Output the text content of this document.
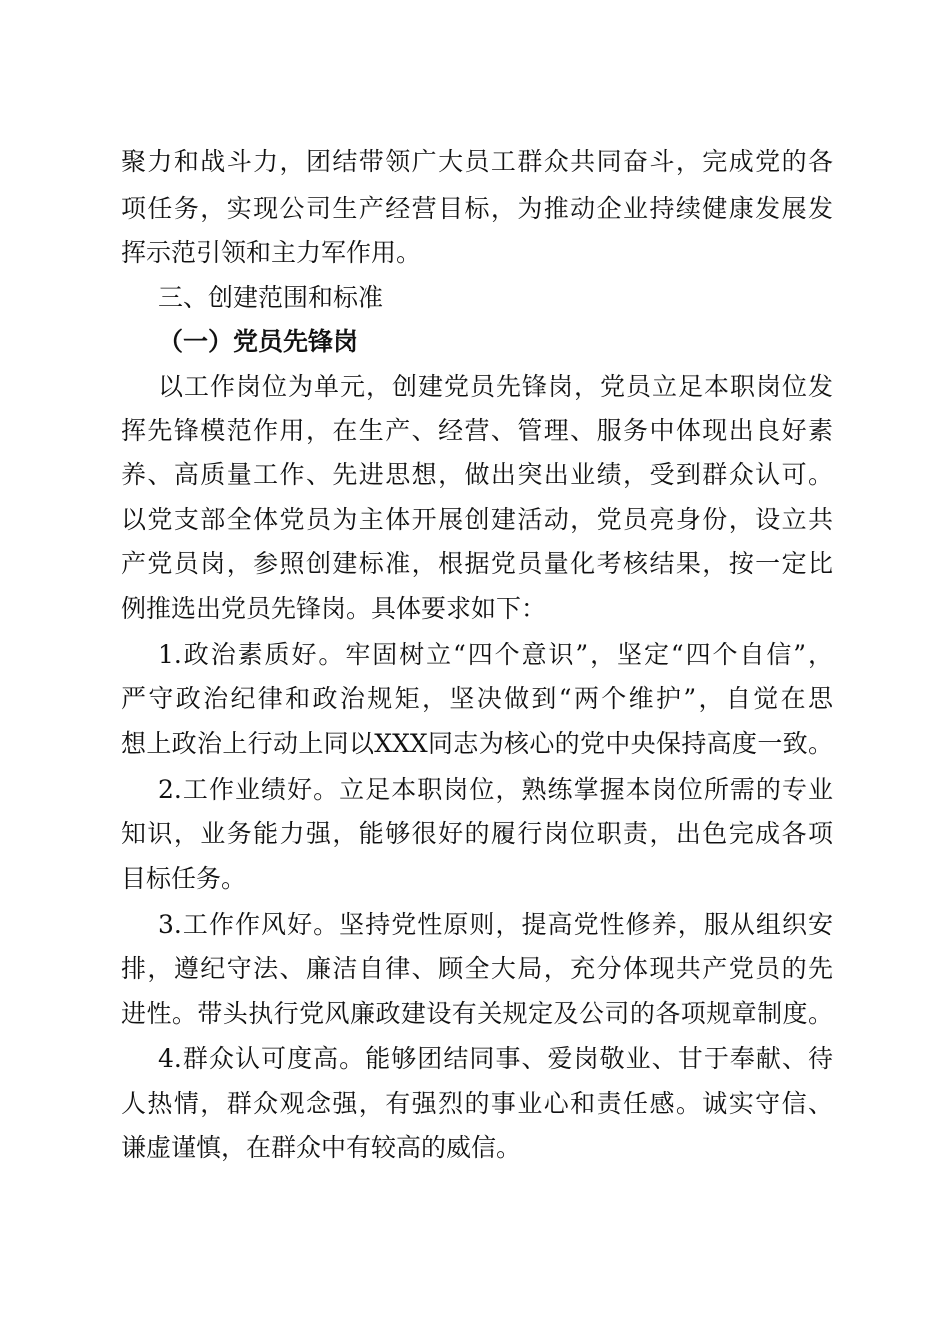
聚力和战斗力，团结带领广大员工群众共同奋斗，完成党的各
项任务，实现公司生产经营目标，为推动企业持续健康发展发
挥示范引领和主力军作用。
三、创建范围和标准
（一）党员先锋岗
以工作岗位为单元，创建党员先锋岗，党员立足本职岗位发
挥先锋模范作用，在生产、经营、管理、服务中体现出良好素
养、高质量工作、先进思想，做出突出业绩，受到群众认可。
以党支部全体党员为主体开展创建活动，党员亮身份，设立共
产党员岗，参照创建标准，根据党员量化考核结果，按一定比
例推选出党员先锋岗。具体要求如下：
1.政治素质好。牢固树立“四个意识”，坚定“四个自信”，
严守政治纪律和政治规矩，坚决做到“两个维护”，自觉在思
想上政治上行动上同以XXX同志为核心的党中央保持高度一致。
2.工作业绩好。立足本职岗位，熟练掌握本岗位所需的专业
知识，业务能力强，能够很好的履行岗位职责，出色完成各项
目标任务。
3.工作作风好。坚持党性原则，提高党性修养，服从组织安
排，遵纪守法、廉洁自律、顾全大局，充分体现共产党员的先
进性。带头执行党风廉政建设有关规定及公司的各项规章制度。
4.群众认可度高。能够团结同事、爱岗敬业、甘于奉献、待
人热情，群众观念强，有强烈的事业心和责任感。诚实守信、
谦虚谨慎，在群众中有较高的威信。
